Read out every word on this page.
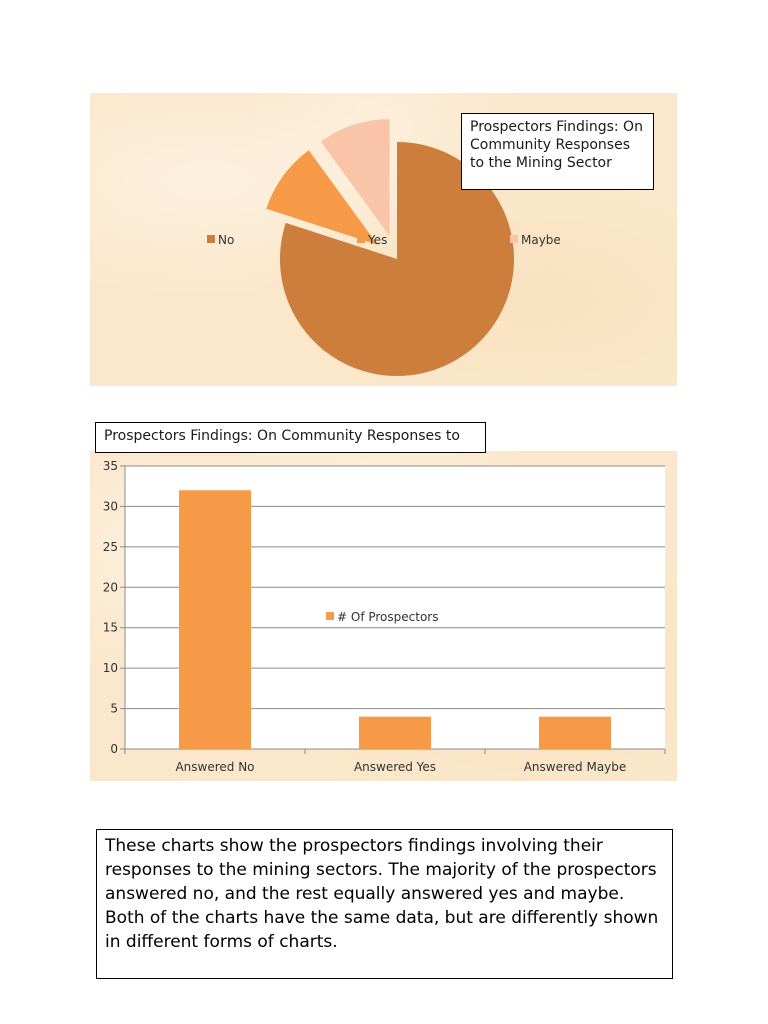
No	Yes	Maybe
0
5
10
15
20
25
30
35
Answered No	Answered Yes	Answered Maybe
# Of Prospectors
Prospectors Findings: On Community Responses to the Mining Sector
Prospectors Findings: On Community Responses to
These charts show the prospectors findings involving their responses to the mining sectors. The majority of the prospectors answered no, and the rest equally answered yes and maybe. Both of the charts have the same data, but are differently shown in different forms of charts.
